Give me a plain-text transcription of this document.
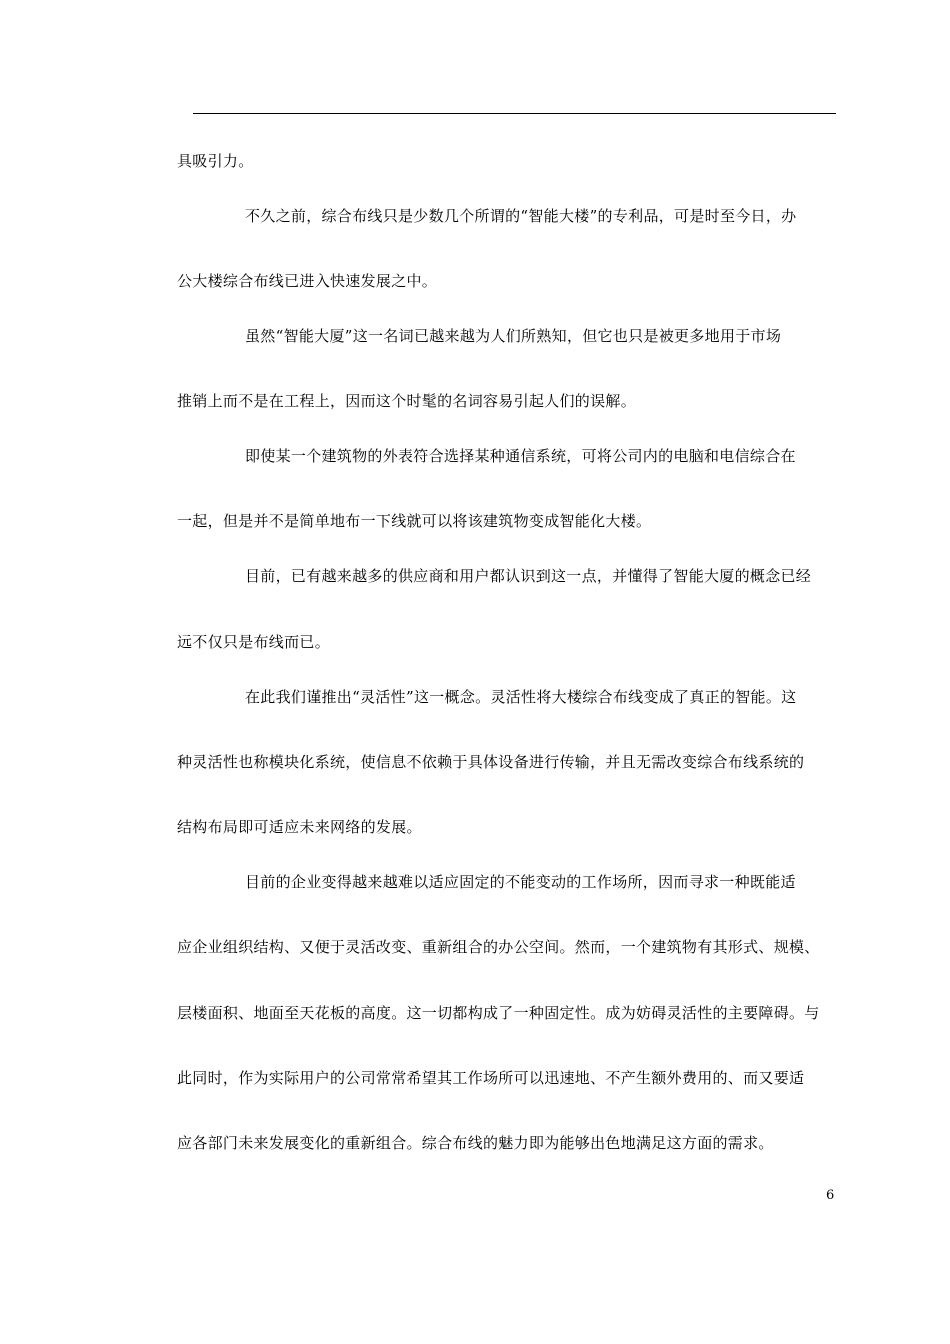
具吸引力。
不久之前，综合布线只是少数几个所谓的“智能大楼”的专利品，可是时至今日，办
公大楼综合布线已进入快速发展之中。
虽然“智能大厦”这一名词已越来越为人们所熟知，但它也只是被更多地用于市场
推销上而不是在工程上，因而这个时髦的名词容易引起人们的误解。
即使某一个建筑物的外表符合选择某种通信系统，可将公司内的电脑和电信综合在
一起，但是并不是简单地布一下线就可以将该建筑物变成智能化大楼。
目前，已有越来越多的供应商和用户都认识到这一点，并懂得了智能大厦的概念已经
远不仅只是布线而已。
在此我们谨推出“灵活性”这一概念。灵活性将大楼综合布线变成了真正的智能。这
种灵活性也称模块化系统，使信息不依赖于具体设备进行传输，并且无需改变综合布线系统的
结构布局即可适应未来网络的发展。
目前的企业变得越来越难以适应固定的不能变动的工作场所，因而寻求一种既能适
应企业组织结构、又便于灵活改变、重新组合的办公空间。然而，一个建筑物有其形式、规模、
层楼面积、地面至天花板的高度。这一切都构成了一种固定性。成为妨碍灵活性的主要障碍。与
此同时，作为实际用户的公司常常希望其工作场所可以迅速地、不产生额外费用的、而又要适
应各部门未来发展变化的重新组合。综合布线的魅力即为能够出色地满足这方面的需求。
6
